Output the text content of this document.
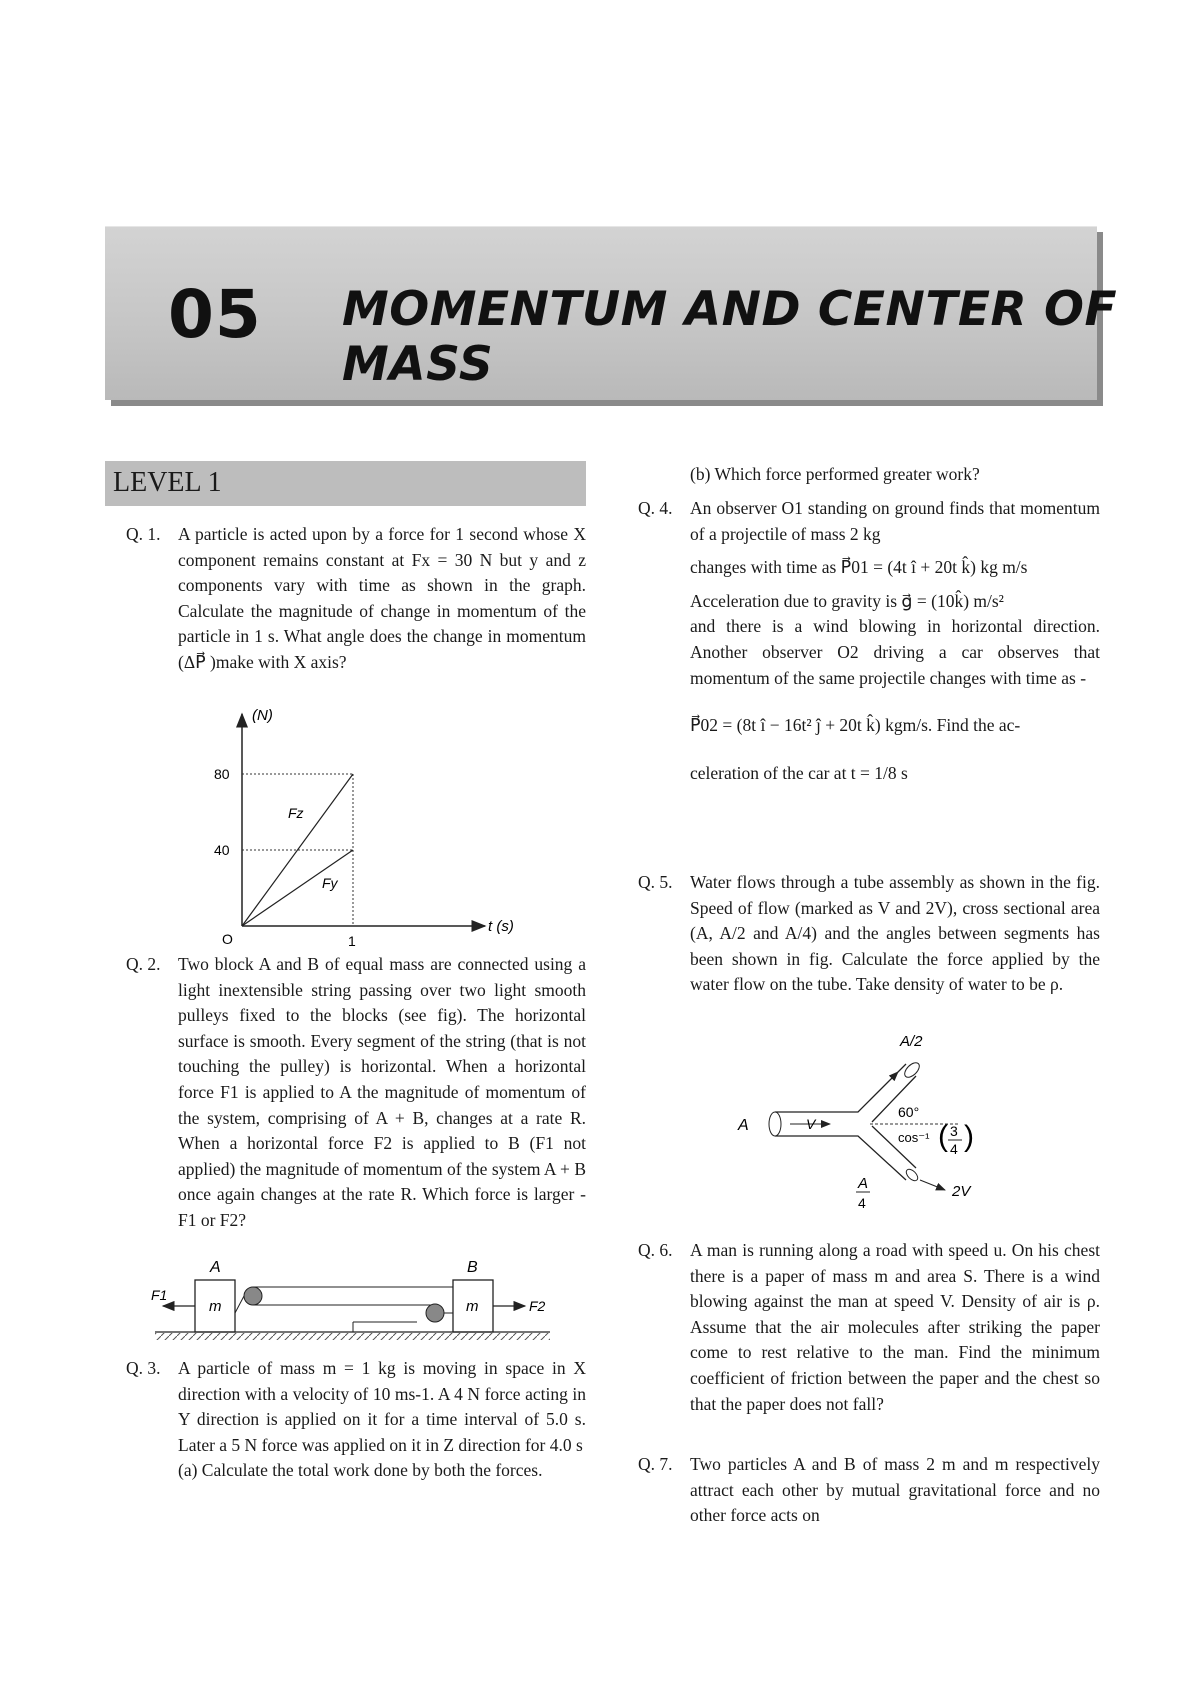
05 MOMENTUM AND CENTER OF MASS
LEVEL 1
Q. 1. A particle is acted upon by a force for 1 second whose X component remains constant at Fx = 30 N but y and z components vary with time as shown in the graph. Calculate the magnitude of change in momentum of the particle in 1 s. What angle does the change in momentum (ΔP⃗ )make with X axis?
(N)
t (s)
80
40
O	1
Fz
Fy
Q. 2. Two block A and B of equal mass are connected using a light inextensible string passing over two light smooth pulleys fixed to the blocks (see fig). The horizontal surface is smooth. Every segment of the string (that is not touching the pulley) is horizontal. When a horizontal force F1 is applied to A the magnitude of momentum of the system, comprising of A + B, changes at a rate R. When a horizontal force F2 is applied to B (F1 not applied) the magnitude of momentum of the system A + B once again changes at the rate R. Which force is larger - F1 or F2?
A	B
m	m
F1
F2
Q. 3. A particle of mass m = 1 kg is moving in space in X direction with a velocity of 10 ms-1. A 4 N force acting in Y direction is applied on it for a time interval of 5.0 s. Later a 5 N force was applied on it in Z direction for 4.0 s
(a) Calculate the total work done by both the forces.
(b) Which force performed greater work?
Q. 4. An observer O1 standing on ground finds that momentum of a projectile of mass 2 kg
changes with time as P⃗01 = (4t î + 20t k̂) kg m/s
Acceleration due to gravity is g⃗ = (10k̂) m/s²
and there is a wind blowing in horizontal direction. Another observer O2 driving a car observes that momentum of the same projectile changes with time as -
P⃗02 = (8t î − 16t² ĵ + 20t k̂) kgm/s. Find the ac-
celeration of the car at t = 1/8 s
Q. 5. Water flows through a tube assembly as shown in the fig. Speed of flow (marked as V and 2V), cross sectional area (A, A/2 and A/4) and the angles between segments has been shown in fig. Calculate the force applied by the water flow on the tube. Take density of water to be ρ.
A/2
A	V
60°
cos⁻¹ ( 3
4 )
A
4
2V
Q. 6. A man is running along a road with speed u. On his chest there is a paper of mass m and area S. There is a wind blowing against the man at speed V. Density of air is ρ. Assume that the air molecules after striking the paper come to rest relative to the man. Find the minimum coefficient of friction between the paper and the chest so that the paper does not fall?
Q. 7. Two particles A and B of mass 2 m and m respectively attract each other by mutual gravitational force and no other force acts on
